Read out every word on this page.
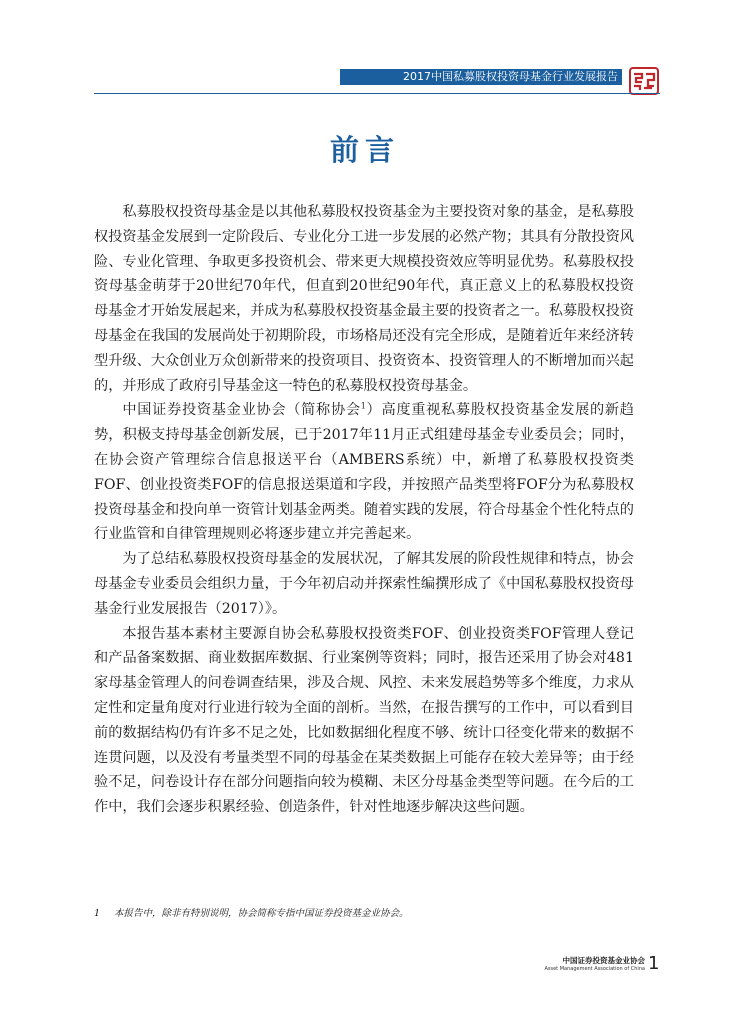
2017中国私募股权投资母基金行业发展报告
前言

私募股权投资母基金是以其他私募股权投资基金为主要投资对象的基金，是私募股权投资基金发展到一定阶段后、专业化分工进一步发展的必然产物；其具有分散投资风险、专业化管理、争取更多投资机会、带来更大规模投资效应等明显优势。私募股权投资母基金萌芽于20世纪70年代，但直到20世纪90年代，真正意义上的私募股权投资母基金才开始发展起来，并成为私募股权投资基金最主要的投资者之一。私募股权投资母基金在我国的发展尚处于初期阶段，市场格局还没有完全形成，是随着近年来经济转型升级、大众创业万众创新带来的投资项目、投资资本、投资管理人的不断增加而兴起的，并形成了政府引导基金这一特色的私募股权投资母基金。

中国证券投资基金业协会（简称协会$^1$）高度重视私募股权投资基金发展的新趋势，积极支持母基金创新发展，已于2017年11月正式组建母基金专业委员会；同时，在协会资产管理综合信息报送平台（AMBERS系统）中，新增了私募股权投资类FOF、创业投资类FOF的信息报送渠道和字段，并按照产品类型将FOF分为私募股权投资母基金和投向单一资管计划基金两类。随着实践的发展，符合母基金个性化特点的行业监管和自律管理规则必将逐步建立并完善起来。

为了总结私募股权投资母基金的发展状况，了解其发展的阶段性规律和特点，协会母基金专业委员会组织力量，于今年初启动并探索性编撰形成了《中国私募股权投资母基金行业发展报告（2017）》。

本报告基本素材主要源自协会私募股权投资类FOF、创业投资类FOF管理人登记和产品备案数据、商业数据库数据、行业案例等资料；同时，报告还采用了协会对481家母基金管理人的问卷调查结果，涉及合规、风控、未来发展趋势等多个维度，力求从定性和定量角度对行业进行较为全面的剖析。当然，在报告撰写的工作中，可以看到目前的数据结构仍有许多不足之处，比如数据细化程度不够、统计口径变化带来的数据不连贯问题，以及没有考量类型不同的母基金在某类数据上可能存在较大差异等；由于经验不足，问卷设计存在部分问题指向较为模糊、未区分母基金类型等问题。在今后的工作中，我们会逐步积累经验、创造条件，针对性地逐步解决这些问题。

1 本报告中，除非有特别说明，协会简称专指中国证券投资基金业协会。
中国证券投资基金业协会
Asset Management Association of China 1
